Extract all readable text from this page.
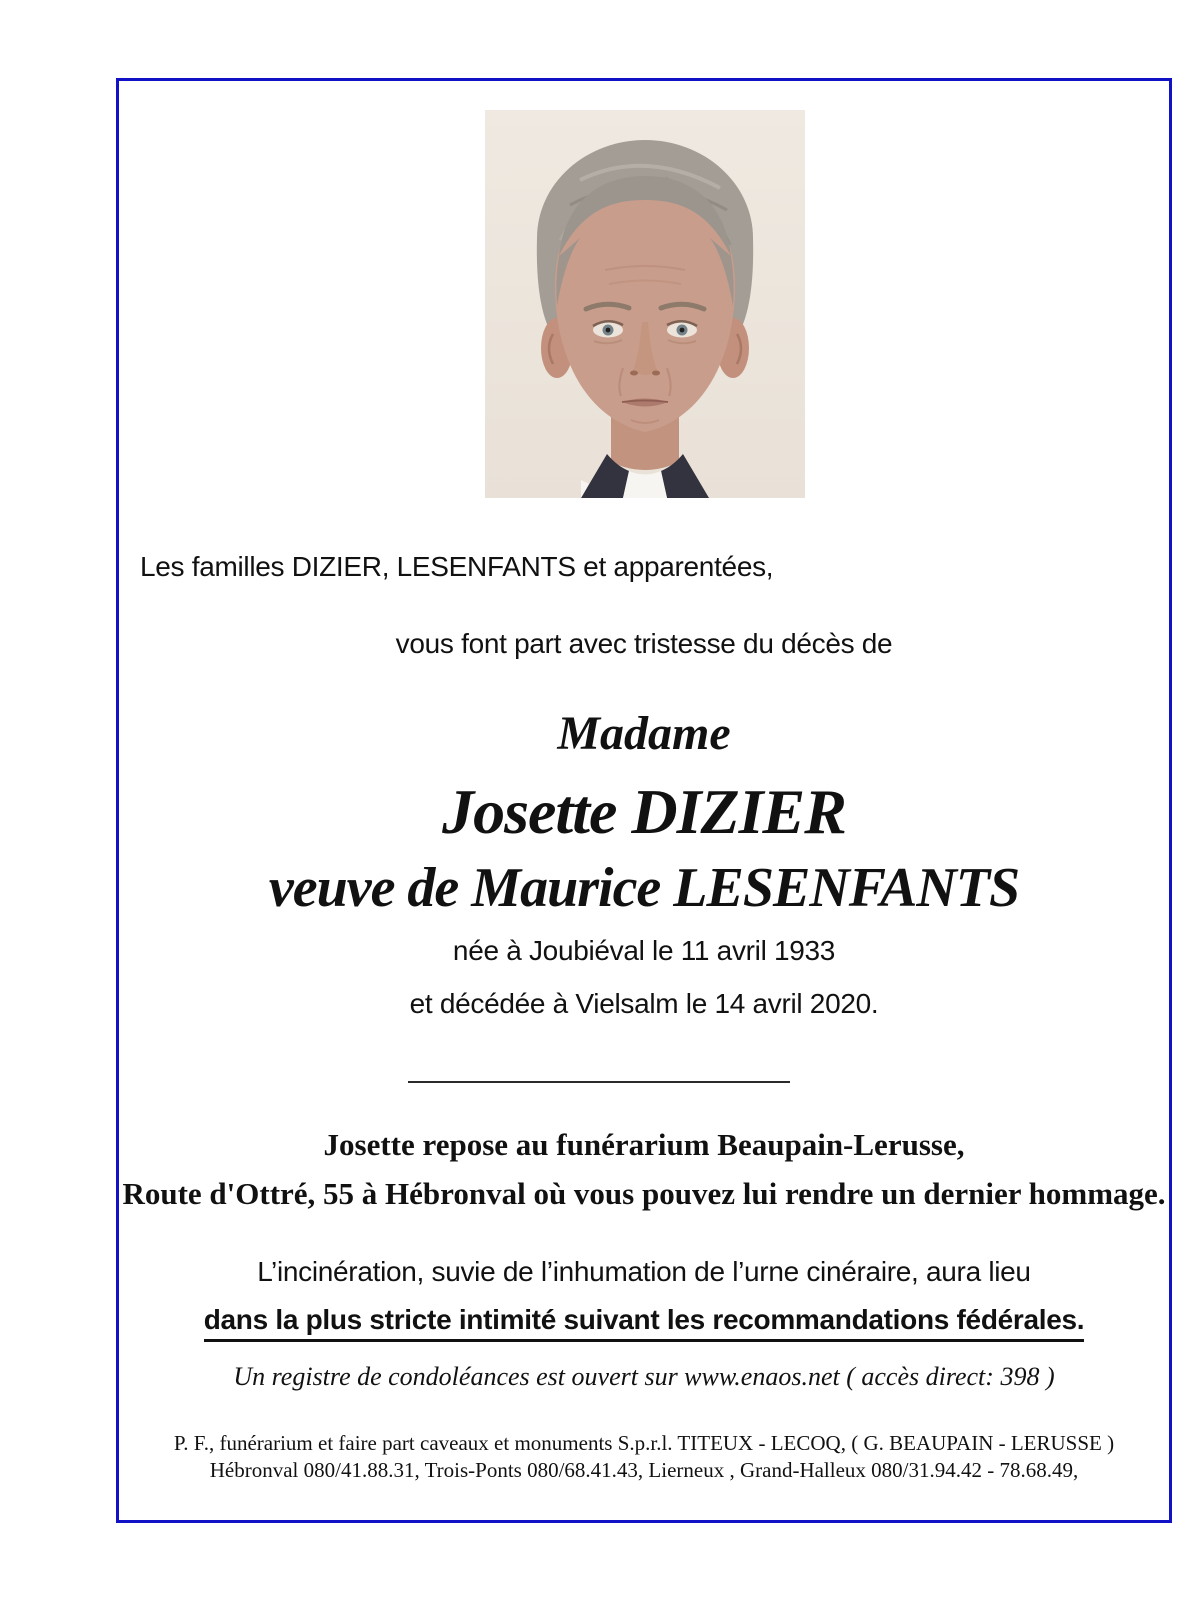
Les familles DIZIER, LESENFANTS et apparentées,
vous font part avec tristesse du décès de
Madame
Josette DIZIER
veuve de Maurice LESENFANTS
née à Joubiéval le 11 avril 1933
et décédée à Vielsalm le 14 avril 2020.
Josette repose au funérarium Beaupain-Lerusse,
Route d'Ottré, 55 à Hébronval où vous pouvez lui rendre un dernier hommage.
L’incinération, suvie de l’inhumation de l’urne cinéraire, aura lieu
dans la plus stricte intimité suivant les recommandations fédérales.
Un registre de condoléances est ouvert sur www.enaos.net ( accès direct: 398 )
P. F., funérarium et faire part caveaux et monuments S.p.r.l. TITEUX - LECOQ, ( G. BEAUPAIN - LERUSSE )
Hébronval 080/41.88.31, Trois-Ponts 080/68.41.43, Lierneux , Grand-Halleux 080/31.94.42 - 78.68.49,
